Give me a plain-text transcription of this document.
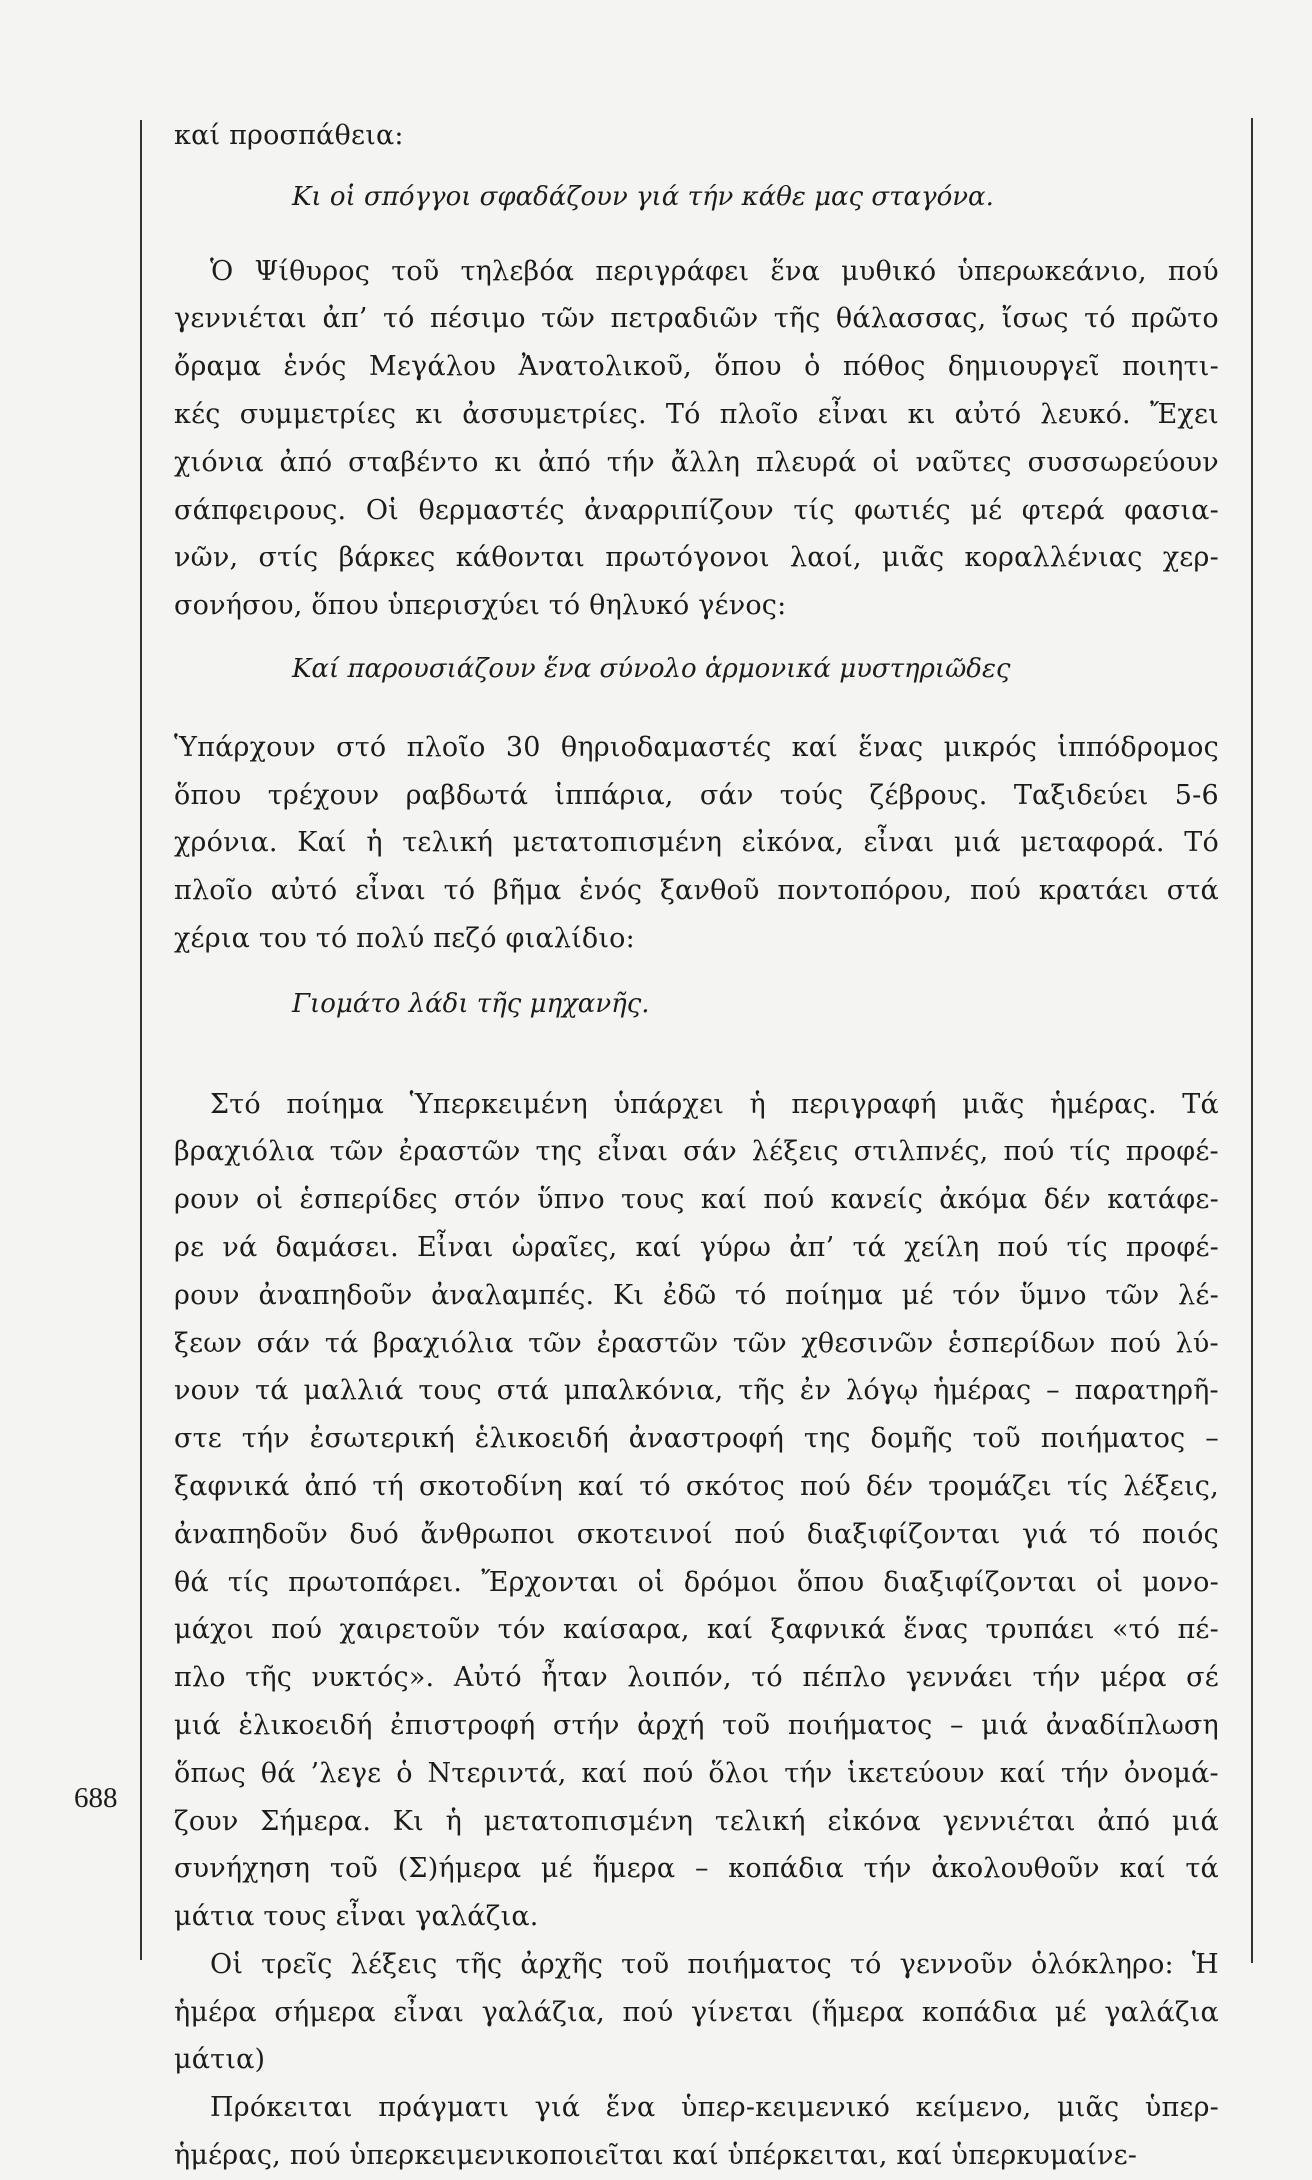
καί προσπάθεια:
Κι οἱ σπόγγοι σφαδάζουν γιά τήν κάθε μας σταγόνα.
Ὁ Ψίθυρος τοῦ τηλεβόα περιγράφει ἕνα μυθικό ὑπερωκεάνιο, πού
γεννιέται ἀπ’ τό πέσιμο τῶν πετραδιῶν τῆς θάλασσας, ἴσως τό πρῶτο
ὄραμα ἑνός Μεγάλου Ἀνατολικοῦ, ὅπου ὁ πόθος δημιουργεῖ ποιητι-
κές συμμετρίες κι ἀσσυμετρίες. Τό πλοῖο εἶναι κι αὐτό λευκό. Ἔχει
χιόνια ἀπό σταβέντο κι ἀπό τήν ἄλλη πλευρά οἱ ναῦτες συσσωρεύουν
σάπφειρους. Οἱ θερμαστές ἀναρριπίζουν τίς φωτιές μέ φτερά φασια-
νῶν, στίς βάρκες κάθονται πρωτόγονοι λαοί, μιᾶς κοραλλένιας χερ-
σονήσου, ὅπου ὑπερισχύει τό θηλυκό γένος:
Καί παρουσιάζουν ἕνα σύνολο ἁρμονικά μυστηριῶδες
Ὑπάρχουν στό πλοῖο 30 θηριοδαμαστές καί ἕνας μικρός ἱππόδρομος
ὅπου τρέχουν ραβδωτά ἱππάρια, σάν τούς ζέβρους. Ταξιδεύει 5-6
χρόνια. Καί ἡ τελική μετατοπισμένη εἰκόνα, εἶναι μιά μεταφορά. Τό
πλοῖο αὐτό εἶναι τό βῆμα ἑνός ξανθοῦ ποντοπόρου, πού κρατάει στά
χέρια του τό πολύ πεζό φιαλίδιο:
Γιομάτο λάδι τῆς μηχανῆς.
Στό ποίημα Ὑπερκειμένη ὑπάρχει ἡ περιγραφή μιᾶς ἡμέρας. Τά
βραχιόλια τῶν ἐραστῶν της εἶναι σάν λέξεις στιλπνές, πού τίς προφέ-
ρουν οἱ ἑσπερίδες στόν ὕπνο τους καί πού κανείς ἀκόμα δέν κατάφε-
ρε νά δαμάσει. Εἶναι ὡραῖες, καί γύρω ἀπ’ τά χείλη πού τίς προφέ-
ρουν ἀναπηδοῦν ἀναλαμπές. Κι ἐδῶ τό ποίημα μέ τόν ὕμνο τῶν λέ-
ξεων σάν τά βραχιόλια τῶν ἐραστῶν τῶν χθεσινῶν ἑσπερίδων πού λύ-
νουν τά μαλλιά τους στά μπαλκόνια, τῆς ἐν λόγῳ ἡμέρας – παρατηρῆ-
στε τήν ἐσωτερική ἑλικοειδή ἀναστροφή της δομῆς τοῦ ποιήματος –
ξαφνικά ἀπό τή σκοτοδίνη καί τό σκότος πού δέν τρομάζει τίς λέξεις,
ἀναπηδοῦν δυό ἄνθρωποι σκοτεινοί πού διαξιφίζονται γιά τό ποιός
θά τίς πρωτοπάρει. Ἔρχονται οἱ δρόμοι ὅπου διαξιφίζονται οἱ μονο-
μάχοι πού χαιρετοῦν τόν καίσαρα, καί ξαφνικά ἕνας τρυπάει «τό πέ-
πλο τῆς νυκτός». Αὐτό ἦταν λοιπόν, τό πέπλο γεννάει τήν μέρα σέ
μιά ἑλικοειδή ἐπιστροφή στήν ἀρχή τοῦ ποιήματος – μιά ἀναδίπλωση
ὅπως θά ’λεγε ὁ Ντεριντά, καί πού ὅλοι τήν ἱκετεύουν καί τήν ὀνομά-
ζουν Σήμερα. Κι ἡ μετατοπισμένη τελική εἰκόνα γεννιέται ἀπό μιά
συνήχηση τοῦ (Σ)ήμερα μέ ἥμερα – κοπάδια τήν ἀκολουθοῦν καί τά
μάτια τους εἶναι γαλάζια.
Οἱ τρεῖς λέξεις τῆς ἀρχῆς τοῦ ποιήματος τό γεννοῦν ὁλόκληρο: Ἡ
ἡμέρα σήμερα εἶναι γαλάζια, πού γίνεται (ἥμερα κοπάδια μέ γαλάζια
μάτια)
Πρόκειται πράγματι γιά ἕνα ὑπερ-κειμενικό κείμενο, μιᾶς ὑπερ-
ἡμέρας, πού ὑπερκειμενικοποιεῖται καί ὑπέρκειται, καί ὑπερκυμαίνε-
688
